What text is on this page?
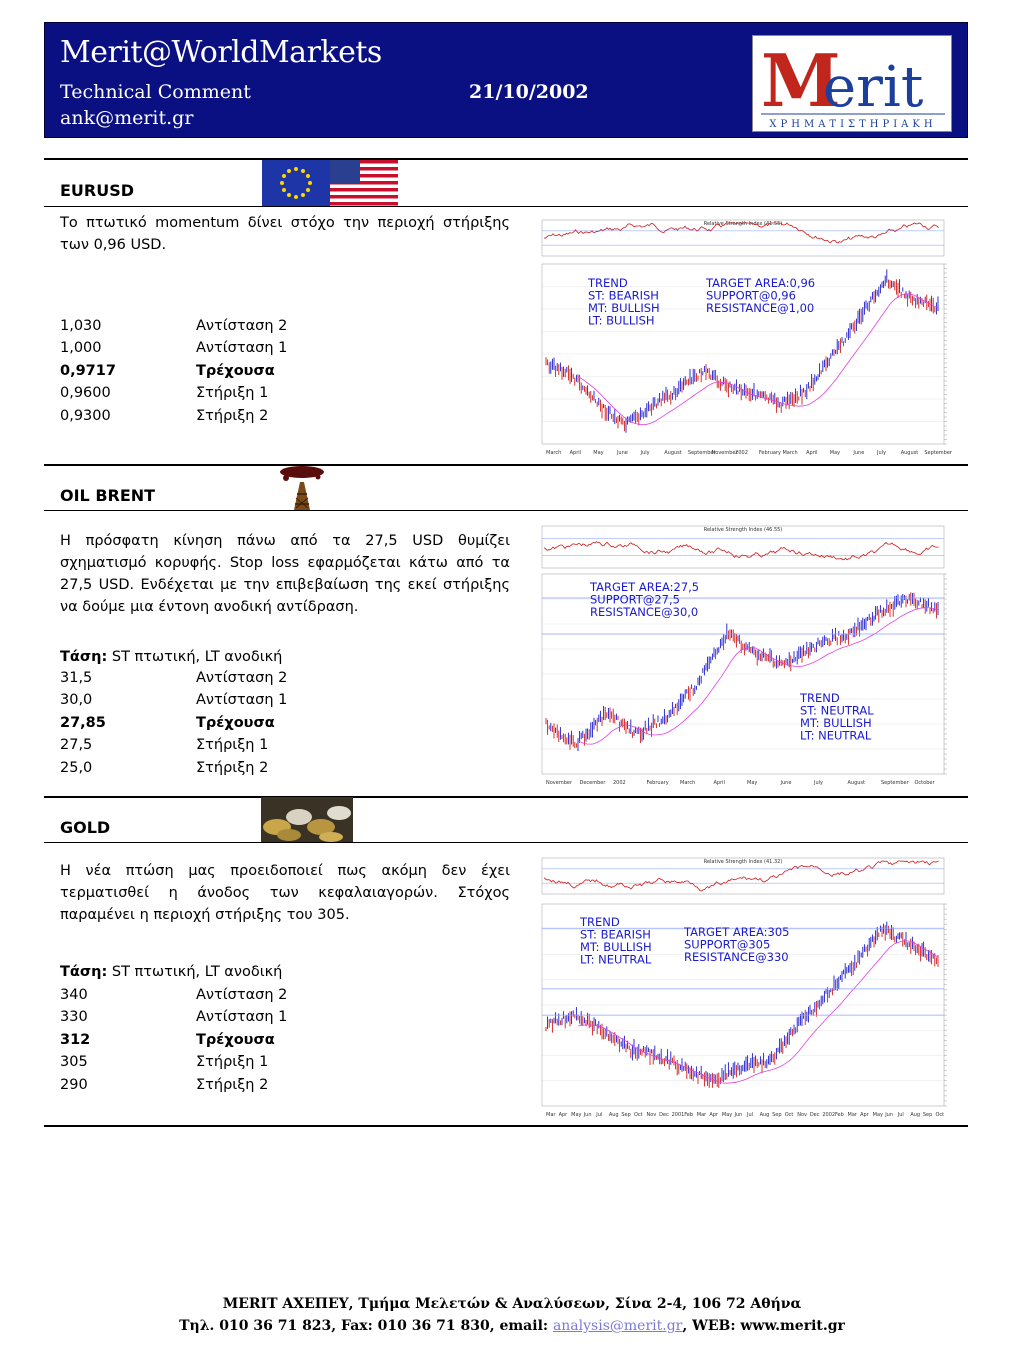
Merit@WorldMarkets
Technical Comment	21/10/2002
ank@merit.gr	M
erit
ΧΡΗΜΑΤΙΣΤΗΡΙΑΚΗ
EURUSD
Το πτωτικό momentum δίνει στόχο την περιοχή στήριξης των 0,96 USD.
1,030	Αντίσταση 2
1,000	Αντίσταση 1
0,9717	Τρέχουσα
0,9600	Στήριξη 1
0,9300	Στήριξη 2
Relative Strength Index (41.55)
TREND
ST: BEARISH
MT: BULLISH
LT: BULLISH
TARGET AREA:0,96
SUPPORT@0,96
RESISTANCE@1,00
March April May	June	July	August September
November
2002 February March April May	June	July	August September
OIL BRENT
Η πρόσφατη κίνηση πάνω από τα 27,5 USD θυμίζει σχηματισμό κορυφής. Stop loss εφαρμόζεται κάτω από τα 27,5 USD. Ενδέχεται με την επιβεβαίωση της εκεί στήριξης να δούμε μια έντονη ανοδική αντίδραση.
Τάση: ST πτωτική, LT ανοδική
31,5	Αντίσταση 2
30,0	Αντίσταση 1
27,85	Τρέχουσα
27,5	Στήριξη 1
25,0	Στήριξη 2
Relative Strength Index (46.55)
TARGET AREA:27,5
SUPPORT@27,5
RESISTANCE@30,0
TREND
ST: NEUTRAL
MT: BULLISH
LT: NEUTRAL
November December 2002	February March	April	May	June	July	August	September October
GOLD
Η νέα πτώση μας προειδοποιεί πως ακόμη δεν έχει τερματισθεί η άνοδος των κεφαλαιαγορών. Στόχος παραμένει η περιοχή στήριξης του 305.
Τάση: ST πτωτική, LT ανοδική
340	Αντίσταση 2
330	Αντίσταση 1
312	Τρέχουσα
305	Στήριξη 1
290	Στήριξη 2
Relative Strength Index (41.32)
TREND
ST: BEARISH
MT: BULLISH
LT: NEUTRAL
TARGET AREA:305
SUPPORT@305
RESISTANCE@330
Mar Apr May Jun Jul Aug Sep Oct Nov Dec 2001 Feb Mar Apr May Jun Jul Aug Sep Oct Nov Dec 2002 Feb Mar Apr May Jun Jul Aug Sep Oct
MERIT ΑΧΕΠΕΥ, Τμήμα Μελετών & Αναλύσεων, Σίνα 2-4, 106 72 Αθήνα
Τηλ. 010 36 71 823, Fax: 010 36 71 830, email: analysis@merit.gr, WEB: www.merit.gr
